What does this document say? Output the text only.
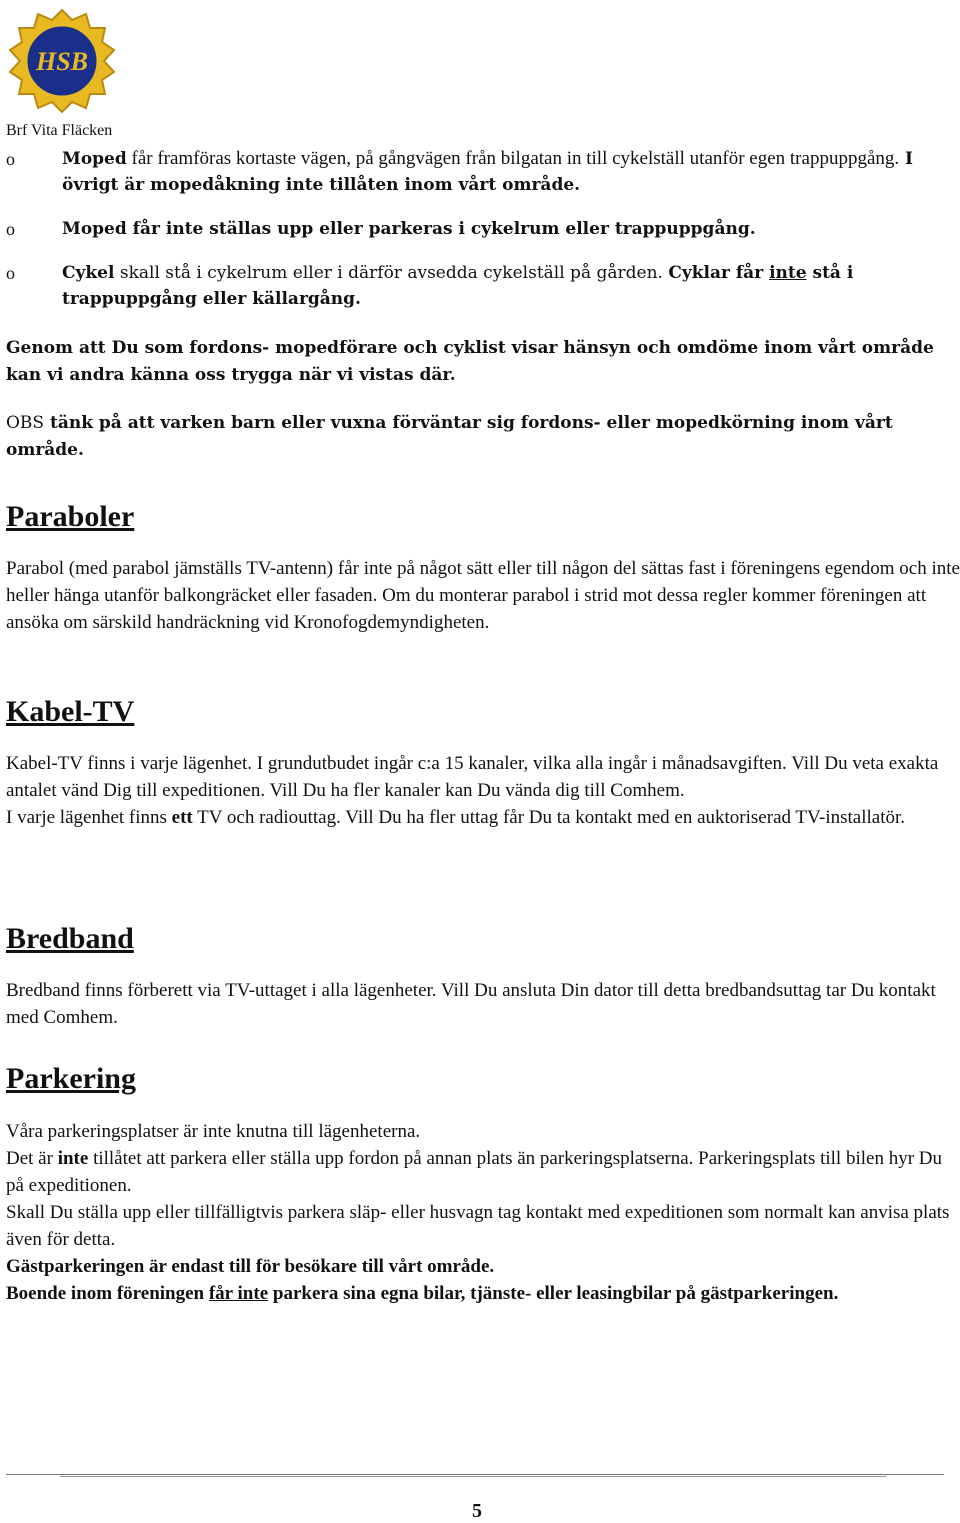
HSB
Brf Vita Fläcken
o	Moped får framföras kortaste vägen, på gångvägen från bilgatan in till cykelställ utanför egen trappuppgång. I övrigt är mopedåkning inte tillåten inom vårt område.
o	Moped får inte ställas upp eller parkeras i cykelrum eller trappuppgång.
o	Cykel skall stå i cykelrum eller i därför avsedda cykelställ på gården. Cyklar får inte stå i trappuppgång eller källargång.
Genom att Du som fordons- mopedförare och cyklist visar hänsyn och omdöme inom vårt område kan vi andra känna oss trygga när vi vistas där.
OBS tänk på att varken barn eller vuxna förväntar sig fordons- eller mopedkörning inom vårt område.
Paraboler

Parabol (med parabol jämställs TV-antenn) får inte på något sätt eller till någon del sättas fast i föreningens egendom och inte heller hänga utanför balkongräcket eller fasaden. Om du monterar parabol i strid mot dessa regler kommer föreningen att ansöka om särskild handräckning vid Kronofogdemyndigheten.

Kabel-TV

Kabel-TV finns i varje lägenhet. I grundutbudet ingår c:a 15 kanaler, vilka alla ingår i månadsavgiften. Vill Du veta exakta antalet vänd Dig till expeditionen. Vill Du ha fler kanaler kan Du vända dig till Comhem.

I varje lägenhet finns ett TV och radiouttag. Vill Du ha fler uttag får Du ta kontakt med en auktoriserad TV-installatör.

Bredband

Bredband finns förberett via TV-uttaget i alla lägenheter. Vill Du ansluta Din dator till detta bredbandsuttag tar Du kontakt med Comhem.

Parkering

Våra parkeringsplatser är inte knutna till lägenheterna.

Det är inte tillåtet att parkera eller ställa upp fordon på annan plats än parkeringsplatserna. Parkeringsplats till bilen hyr Du på expeditionen.

Skall Du ställa upp eller tillfälligtvis parkera släp- eller husvagn tag kontakt med expeditionen som normalt kan anvisa plats även för detta.

Gästparkeringen är endast till för besökare till vårt område.

Boende inom föreningen får inte parkera sina egna bilar, tjänste- eller leasingbilar på gästparkeringen.

5
